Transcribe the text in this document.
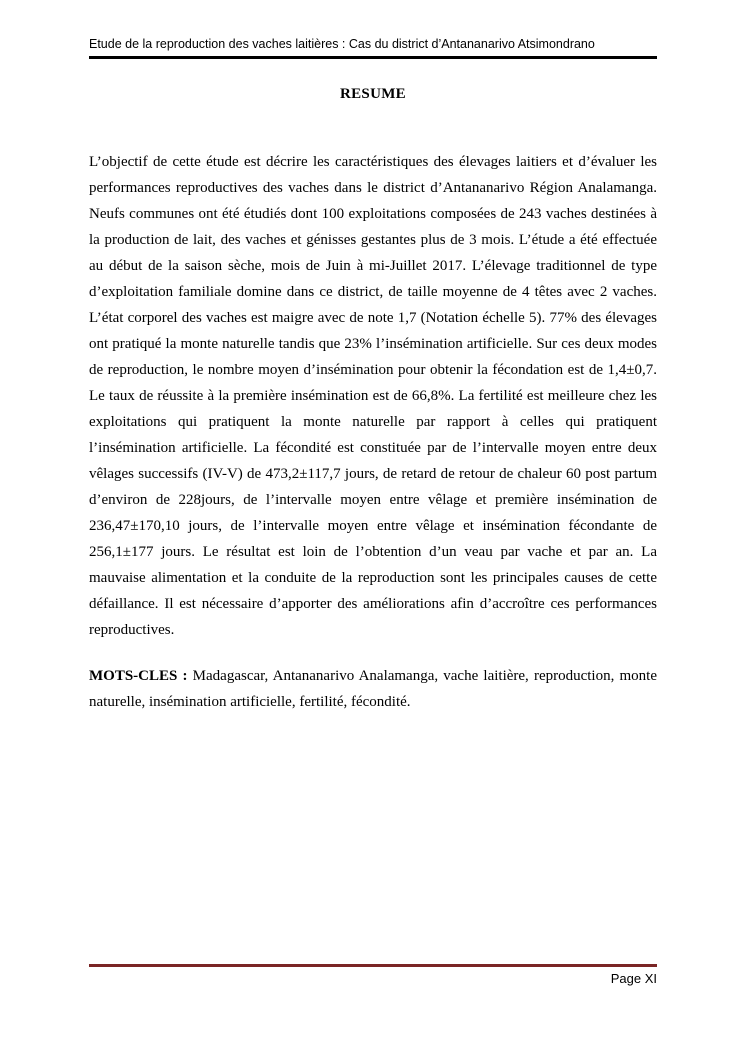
Etude de la reproduction des vaches laitières : Cas du district d’Antananarivo Atsimondrano
RESUME

L’objectif de cette étude est décrire les caractéristiques des élevages laitiers et d’évaluer les performances reproductives des vaches dans le district d’Antananarivo Région Analamanga. Neufs communes ont été étudiés dont 100 exploitations composées de 243 vaches destinées à la production de lait, des vaches et génisses gestantes plus de 3 mois. L’étude a été effectuée au début de la saison sèche, mois de Juin à mi-Juillet 2017. L’élevage traditionnel de type d’exploitation familiale domine dans ce district, de taille moyenne de 4 têtes avec 2 vaches. L’état corporel des vaches est maigre avec de note 1,7 (Notation échelle 5). 77% des élevages ont pratiqué la monte naturelle tandis que 23% l’insémination artificielle. Sur ces deux modes de reproduction, le nombre moyen d’insémination pour obtenir la fécondation est de 1,4±0,7. Le taux de réussite à la première insémination est de 66,8%. La fertilité est meilleure chez les exploitations qui pratiquent la monte naturelle par rapport à celles qui pratiquent l’insémination artificielle. La fécondité est constituée par de l’intervalle moyen entre deux vêlages successifs (IV-V) de 473,2±117,7 jours, de retard de retour de chaleur 60 post partum d’environ de 228jours, de l’intervalle moyen entre vêlage et première insémination de 236,47±170,10 jours, de l’intervalle moyen entre vêlage et insémination fécondante de 256,1±177 jours. Le résultat est loin de l’obtention d’un veau par vache et par an. La mauvaise alimentation et la conduite de la reproduction sont les principales causes de cette défaillance. Il est nécessaire d’apporter des améliorations afin d’accroître ces performances reproductives.

MOTS-CLES : Madagascar, Antananarivo Analamanga, vache laitière, reproduction, monte naturelle, insémination artificielle, fertilité, fécondité.

Page XI
